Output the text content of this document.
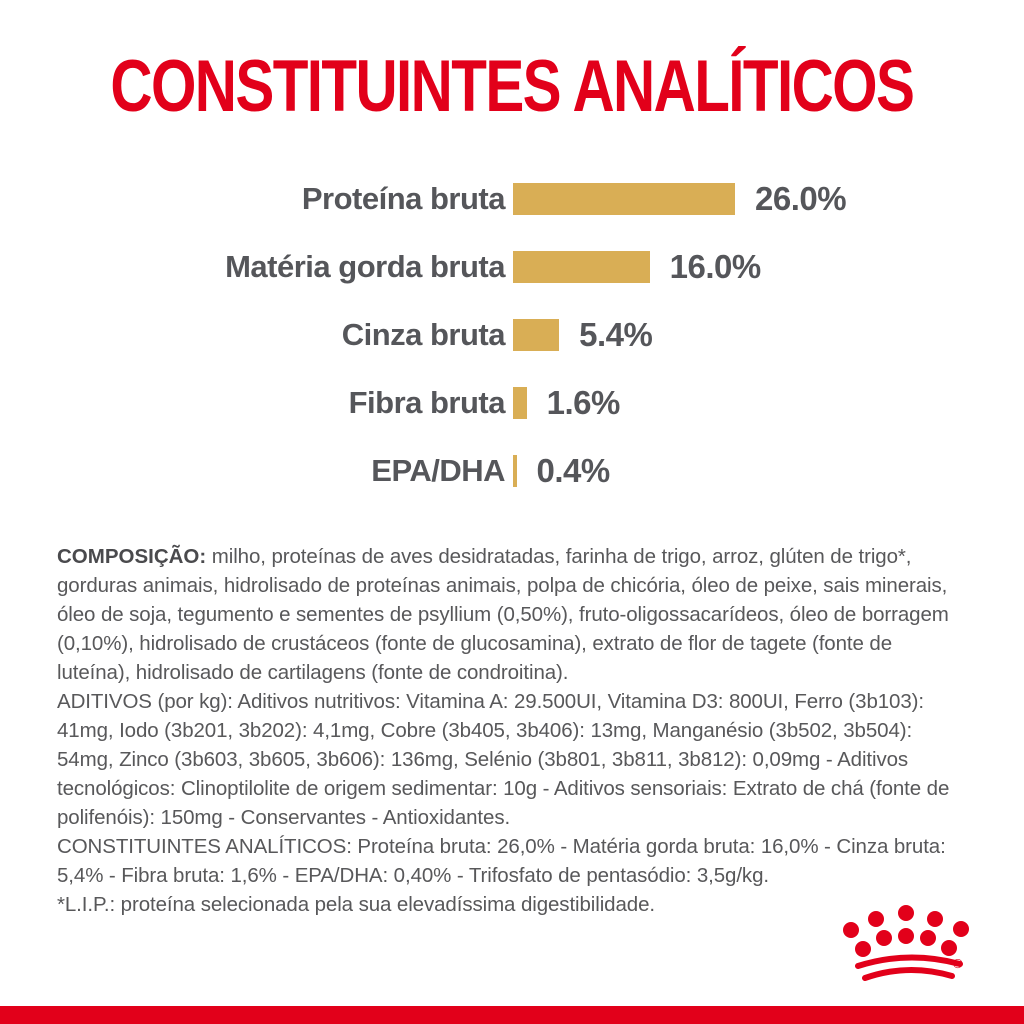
CONSTITUINTES ANALÍTICOS
Proteína bruta	26.0%
Matéria gorda bruta	16.0%
Cinza bruta 5.4%
Fibra bruta 1.6%
EPA/DHA 0.4%

COMPOSIÇÃO: milho, proteínas de aves desidratadas, farinha de trigo, arroz, glúten de trigo*, gorduras animais, hidrolisado de proteínas animais, polpa de chicória, óleo de peixe, sais minerais, óleo de soja, tegumento e sementes de psyllium (0,50%), fruto-oligossacarídeos, óleo de borragem (0,10%), hidrolisado de crustáceos (fonte de glucosamina), extrato de flor de tagete (fonte de luteína), hidrolisado de cartilagens (fonte de condroitina).

ADITIVOS (por kg): Aditivos nutritivos: Vitamina A: 29.500UI, Vitamina D3: 800UI, Ferro (3b103): 41mg, Iodo (3b201, 3b202): 4,1mg, Cobre (3b405, 3b406): 13mg, Manganésio (3b502, 3b504): 54mg, Zinco (3b603, 3b605, 3b606): 136mg, Selénio (3b801, 3b811, 3b812): 0,09mg - Aditivos tecnológicos: Clinoptilolite de origem sedimentar: 10g - Aditivos sensoriais: Extrato de chá (fonte de polifenóis): 150mg - Conservantes - Antioxidantes.

CONSTITUINTES ANALÍTICOS: Proteína bruta: 26,0% - Matéria gorda bruta: 16,0% - Cinza bruta: 5,4% - Fibra bruta: 1,6% - EPA/DHA: 0,40% - Trifosfato de pentasódio: 3,5g/kg.

*L.I.P.: proteína selecionada pela sua elevadíssima digestibilidade.

®
